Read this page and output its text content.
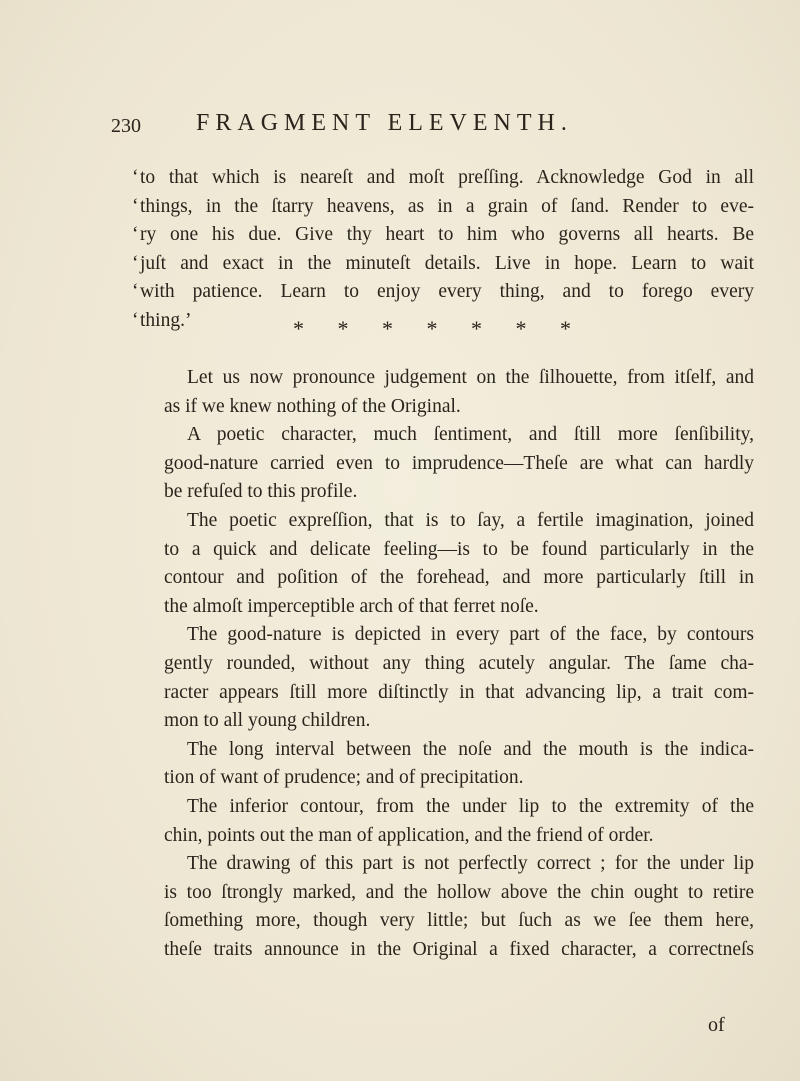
230 FRAGMENT ELEVENTH.
‘ to that which is neareſt and moſt preſſing. Acknowledge God in all
‘ things, in the ſtarry heavens, as in a grain of ſand. Render to eve-
‘ ry one his due. Give thy heart to him who governs all hearts. Be
‘ juſt and exact in the minuteſt details. Live in hope. Learn to wait
‘ with patience. Learn to enjoy every thing, and to forego every
‘ thing.’	* * * * * * *
Let us now pronounce judgement on the ſilhouette, from itſelf, and
as if we knew nothing of the Original.
A poetic character, much ſentiment, and ſtill more ſenſibility,
good-nature carried even to imprudence—Theſe are what can hardly
be refuſed to this profile.
The poetic expreſſion, that is to ſay, a fertile imagination, joined
to a quick and delicate feeling—is to be found particularly in the
contour and poſition of the forehead, and more particularly ſtill in
the almoſt imperceptible arch of that ferret noſe.
The good-nature is depicted in every part of the face, by contours
gently rounded, without any thing acutely angular. The ſame cha-
racter appears ſtill more diſtinctly in that advancing lip, a trait com-
mon to all young children.
The long interval between the noſe and the mouth is the indica-
tion of want of prudence; and of precipitation.
The inferior contour, from the under lip to the extremity of the
chin, points out the man of application, and the friend of order.
The drawing of this part is not perfectly correct ; for the under lip
is too ſtrongly marked, and the hollow above the chin ought to retire
ſomething more, though very little; but ſuch as we ſee them here,
theſe traits announce in the Original a fixed character, a correctneſs
of
